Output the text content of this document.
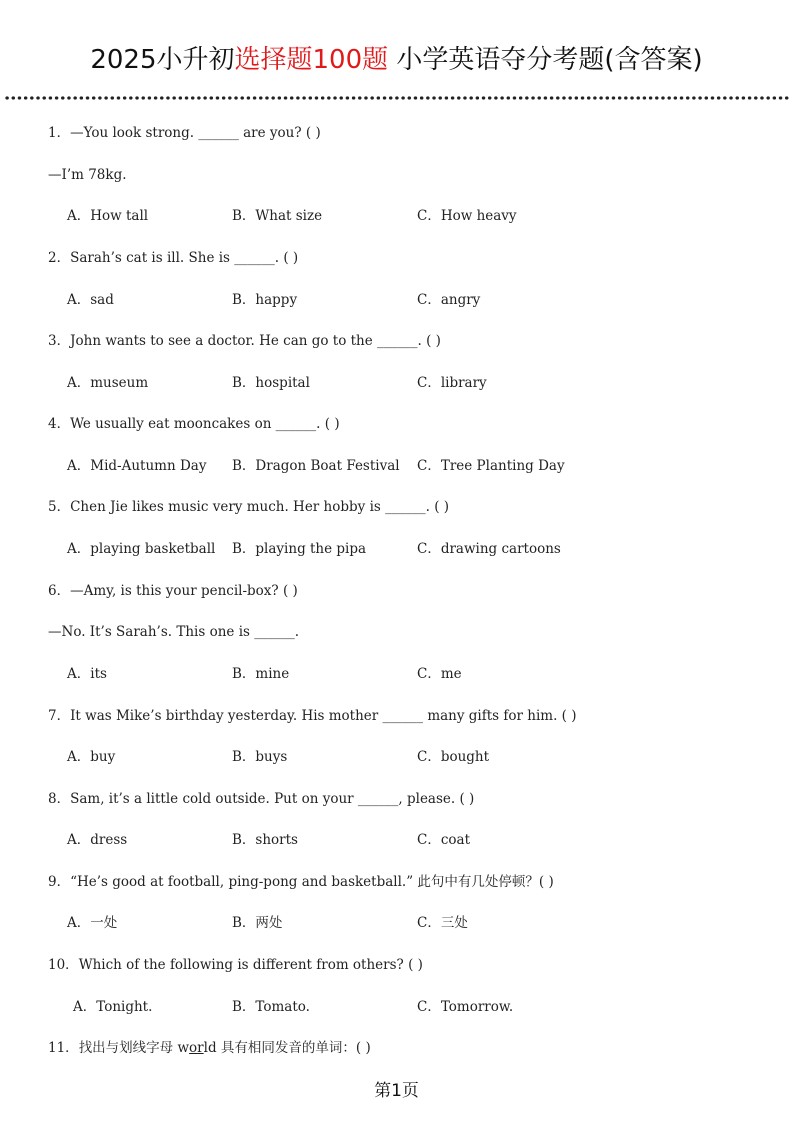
2025小升初选择题100题 小学英语夺分考题(含答案)
1．—You look strong. ______ are you? ( )
—I’m 78kg.
A．How tall	B．What size	C．How heavy
2．Sarah’s cat is ill. She is ______. ( )
A．sad	B．happy	C．angry
3．John wants to see a doctor. He can go to the ______. ( )
A．museum	B．hospital	C．library
4．We usually eat mooncakes on ______. ( )
A．Mid-Autumn Day B．Dragon Boat Festival C．Tree Planting Day
5．Chen Jie likes music very much. Her hobby is ______. ( )
A．playing basketball B．playing the pipa	C．drawing cartoons
6．—Amy, is this your pencil-box? ( )
—No. It’s Sarah’s. This one is ______.
A．its	B．mine	C．me
7．It was Mike’s birthday yesterday. His mother ______ many gifts for him. ( )
A．buy	B．buys	C．bought
8．Sam, it’s a little cold outside. Put on your ______, please. ( )
A．dress	B．shorts	C．coat
9．“He’s good at football, ping-pong and basketball.” 此句中有几处停顿？( )
A．一处	B．两处	C．三处
10．Which of the following is different from others? ( )
A．Tonight.	B．Tomato.	C．Tomorrow.
11．找出与划线字母 world 具有相同发音的单词：( )
第1页
